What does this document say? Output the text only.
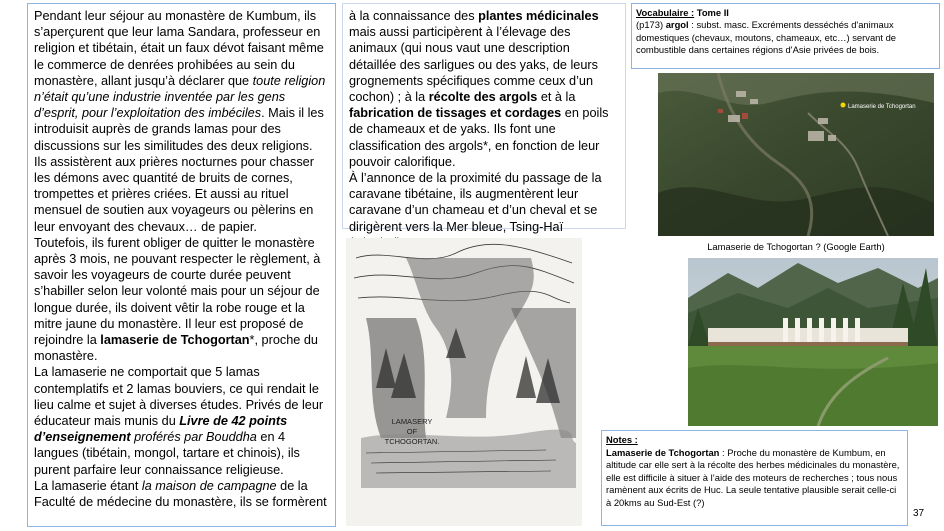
Pendant leur séjour au monastère de Kumbum, ils s’aperçurent que leur lama Sandara, professeur en religion et tibétain, était un faux dévot faisant même le commerce de denrées prohibées au sein du monastère, allant jusqu’à déclarer que toute religion n’était qu’une industrie inventée par les gens d’esprit, pour l’exploitation des imbéciles. Mais il les introduisit auprès de grands lamas pour des discussions sur les similitudes des deux religions.

Ils assistèrent aux prières nocturnes pour chasser les démons avec quantité de bruits de cornes, trompettes et prières criées. Et aussi au rituel mensuel de soutien aux voyageurs ou pèlerins en leur envoyant des chevaux… de papier.

Toutefois, ils furent obliger de quitter le monastère après 3 mois, ne pouvant respecter le règlement, à savoir les voyageurs de courte durée peuvent s’habiller selon leur volonté mais pour un séjour de longue durée, ils doivent vêtir la robe rouge et la mitre jaune du monastère. Il leur est proposé de rejoindre la lamaserie de Tchogortan*, proche du monastère.

La lamaserie ne comportait que 5 lamas contemplatifs et 2 lamas bouviers, ce qui rendait le lieu calme et sujet à diverses études. Privés de leur éducateur mais munis du Livre de 42 points d’enseignement proférés par Bouddha en 4 langues (tibétain, mongol, tartare et chinois), ils purent parfaire leur connaissance religieuse.

La lamaserie étant la maison de campagne de la Faculté de médecine du monastère, ils se formèrent

à la connaissance des plantes médicinales mais aussi participèrent à l’élevage des animaux (qui nous vaut une description détaillée des sarligues ou des yaks, de leurs grognements spécifiques comme ceux d’un cochon) ; à la récolte des argols et à la fabrication de tissages et cordages en poils de chameaux et de yaks. Ils font une classification des argols*, en fonction de leur pouvoir calorifique.

À l’annonce de la proximité du passage de la caravane tibétaine, ils augmentèrent leur caravane d’un chameau et d’un cheval et se dirigèrent vers la Mer bleue, Tsing-Haï

Vocabulaire : Tome II
(p173) argol : subst. masc. Excréments desséchés d'animaux domestiques (chevaux, moutons, chameaux, etc…) servant de combustible dans certaines régions d'Asie privées de bois.
Lamaserie de Tchogortan
Lamaserie de Tchogortan ? (Google Earth)
LAMASERY
OF
TCHOGORTAN.	Notes :
Lamaserie de Tchogortan : Proche du monastère de Kumbum, en altitude car elle sert à la récolte des herbes médicinales du monastère, elle est difficile à situer à l’aide des moteurs de recherches ; tous nous ramènent aux écrits de Huc. La seule tentative plausible serait celle-ci à 20kms au Sud-Est (?)
37
